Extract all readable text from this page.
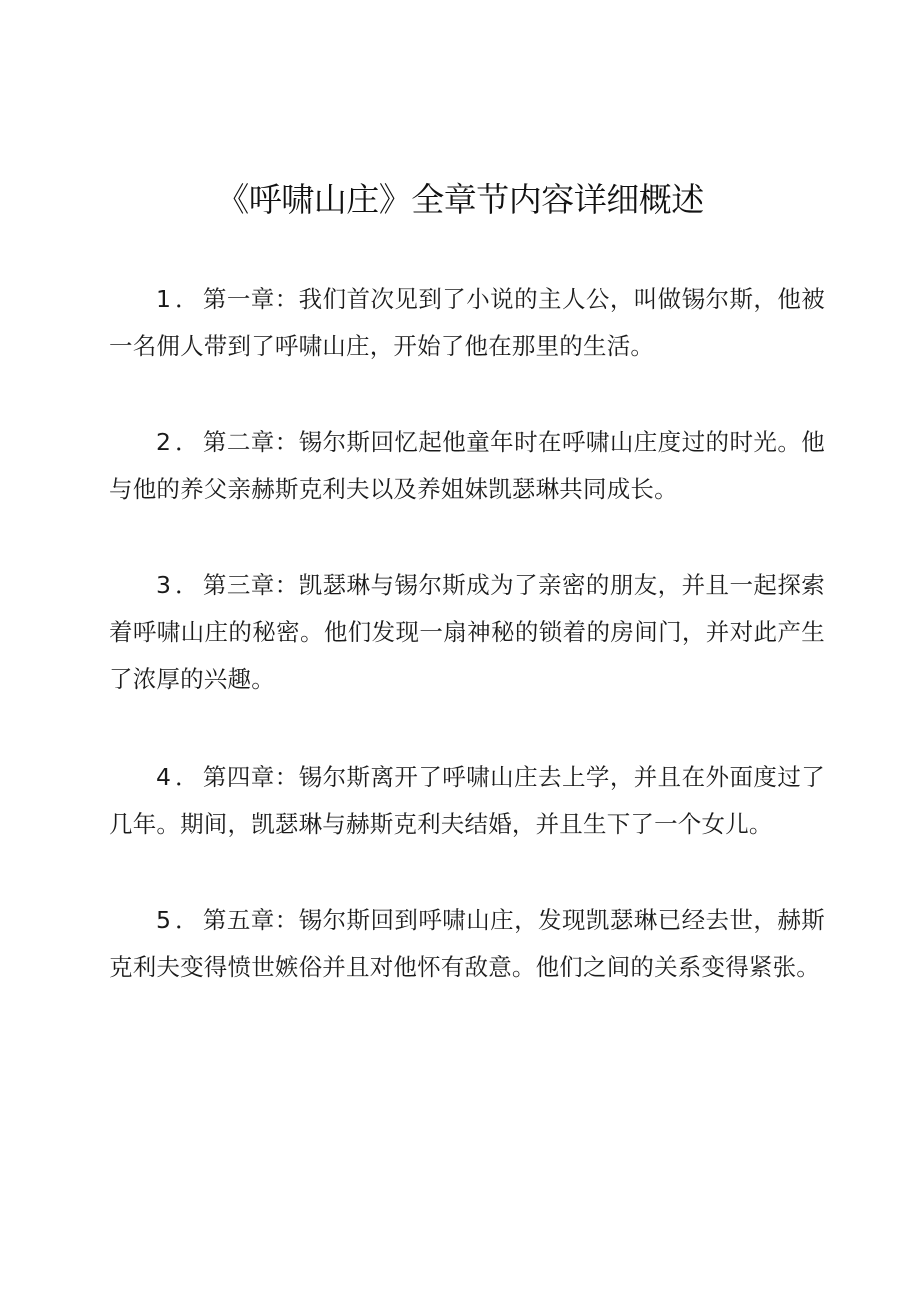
《呼啸山庄》全章节内容详细概述

1．第一章：我们首次见到了小说的主人公，叫做锡尔斯，他被一名佣人带到了呼啸山庄，开始了他在那里的生活。

2．第二章：锡尔斯回忆起他童年时在呼啸山庄度过的时光。他与他的养父亲赫斯克利夫以及养姐妹凯瑟琳共同成长。

3．第三章：凯瑟琳与锡尔斯成为了亲密的朋友，并且一起探索着呼啸山庄的秘密。他们发现一扇神秘的锁着的房间门，并对此产生了浓厚的兴趣。

4．第四章：锡尔斯离开了呼啸山庄去上学，并且在外面度过了几年。期间，凯瑟琳与赫斯克利夫结婚，并且生下了一个女儿。

5．第五章：锡尔斯回到呼啸山庄，发现凯瑟琳已经去世，赫斯克利夫变得愤世嫉俗并且对他怀有敌意。他们之间的关系变得紧张。
